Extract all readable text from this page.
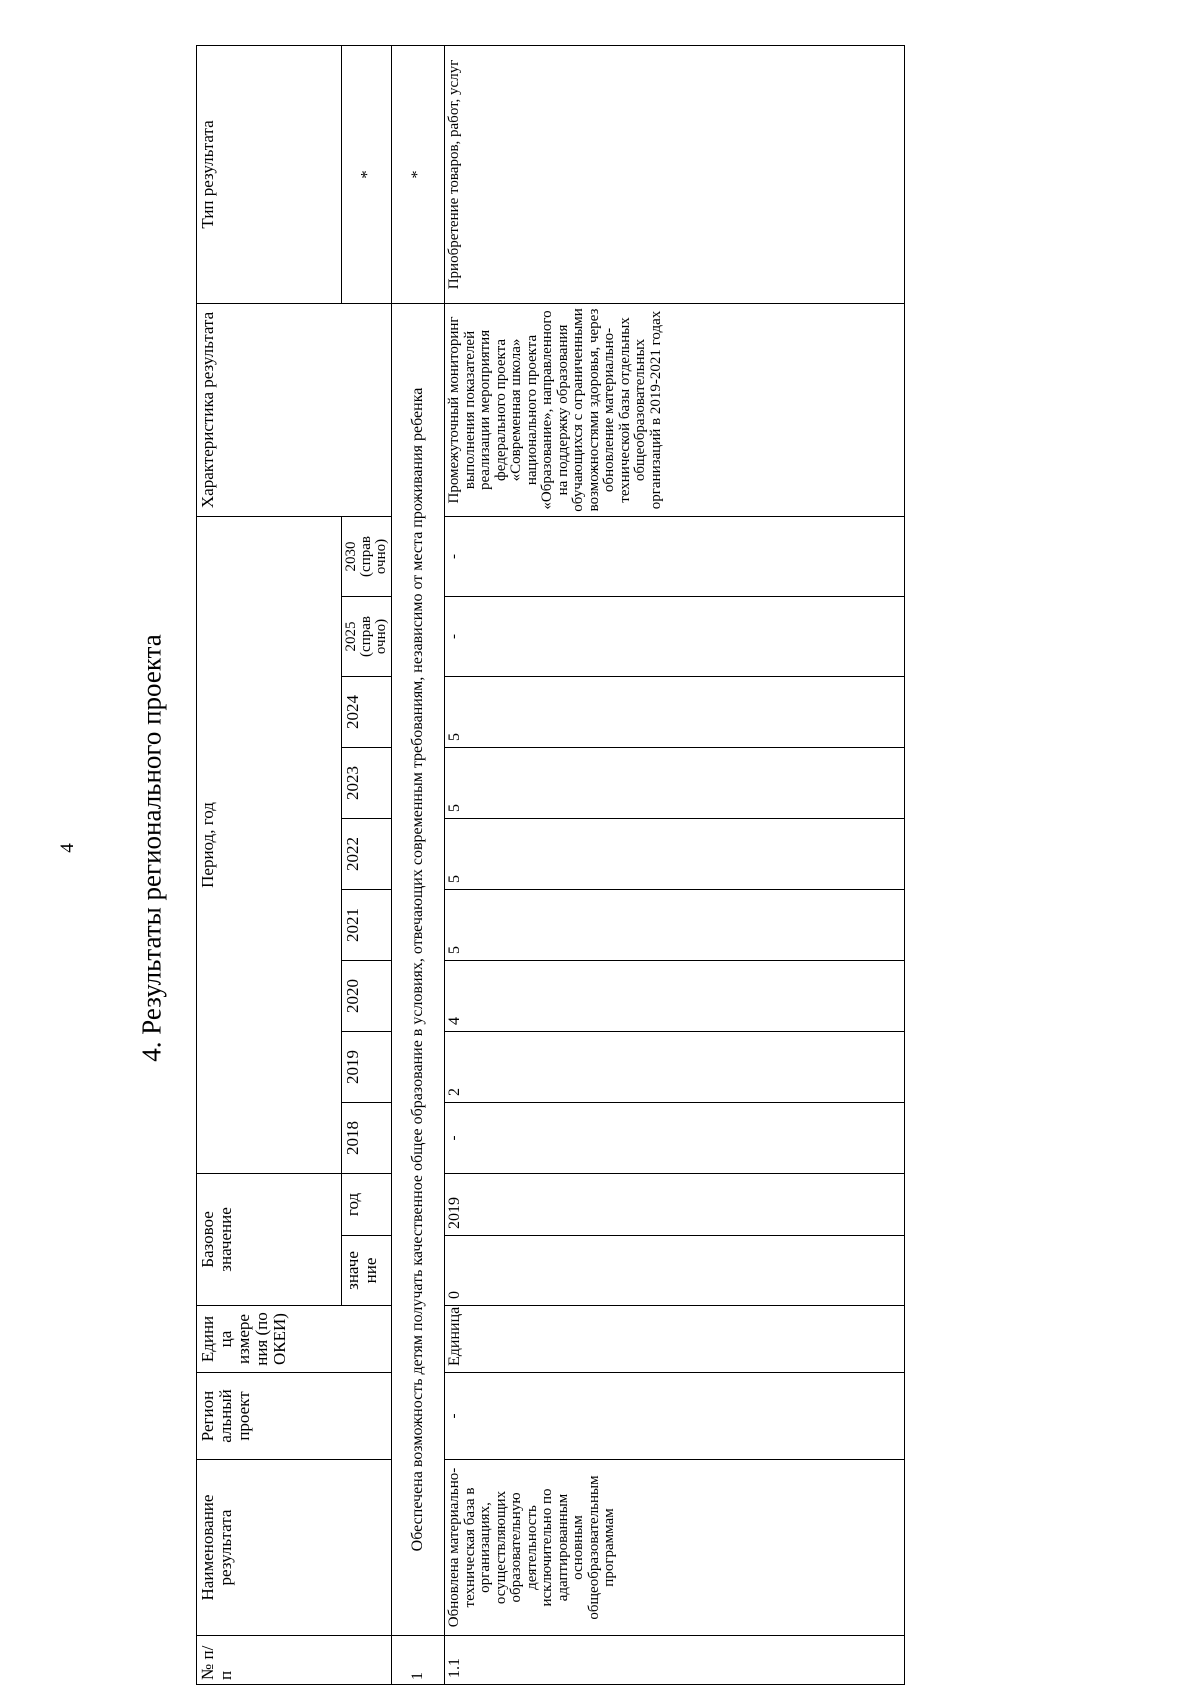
4 4. Результаты регионального проекта
№ п/п	Наименование результата	Регион альный проект	Едини ца измере ния (по ОКЕИ)	Базовое значение		Период, год									Характеристика результата	Тип результата
				значе ние	год	2018	2019	2020	2021	2022	2023	2024	2025 (справ очно)	2030 (справ очно)		*
1	Обеспечена возможность детям получать качественное общее образование в условиях, отвечающих современным требованиям, независимо от места проживания ребенка															*
1.1	Обновлена материально-техническая база в организациях, осуществляющих образовательную деятельность исключительно по адаптированным основным общеобразовательным программам	-	Единица	0	2019	-	2	4	5	5	5	5	-	-	Промежуточный мониторинг выполнения показателей реализации мероприятия федерального проекта «Современная школа» национального проекта «Образование», направленного на поддержку образования обучающихся с ограниченными возможностями здоровья, через обновление материально-технической базы отдельных общеобразовательных организаций в 2019-2021 годах	Приобретение товаров, работ, услуг
